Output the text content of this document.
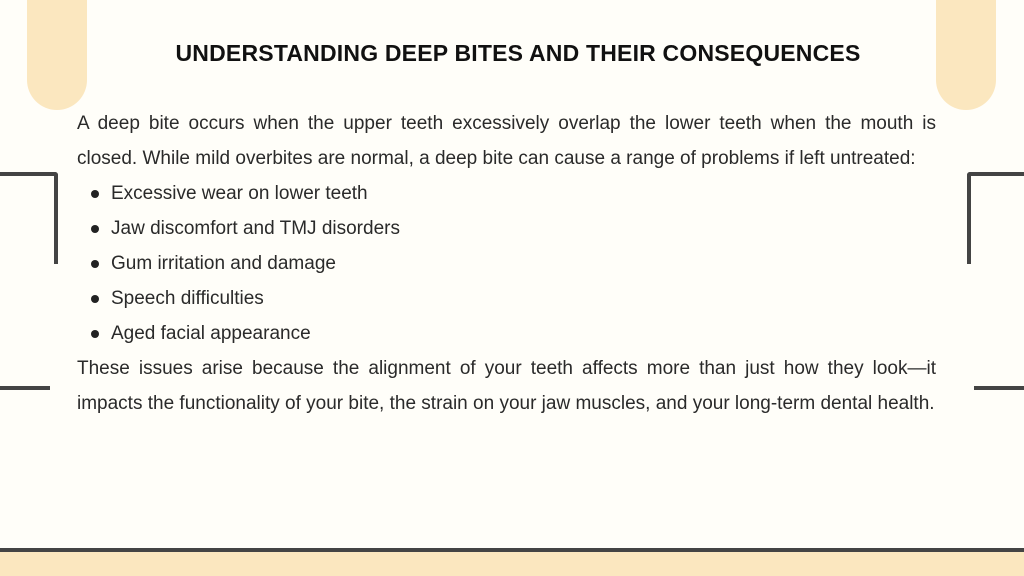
UNDERSTANDING DEEP BITES AND THEIR CONSEQUENCES

A deep bite occurs when the upper teeth excessively overlap the lower teeth when the mouth is closed. While mild overbites are normal, a deep bite can cause a range of problems if left untreated:

Excessive wear on lower teeth
Jaw discomfort and TMJ disorders
Gum irritation and damage
Speech difficulties
Aged facial appearance

These issues arise because the alignment of your teeth affects more than just how they look—it impacts the functionality of your bite, the strain on your jaw muscles, and your long-term dental health.
